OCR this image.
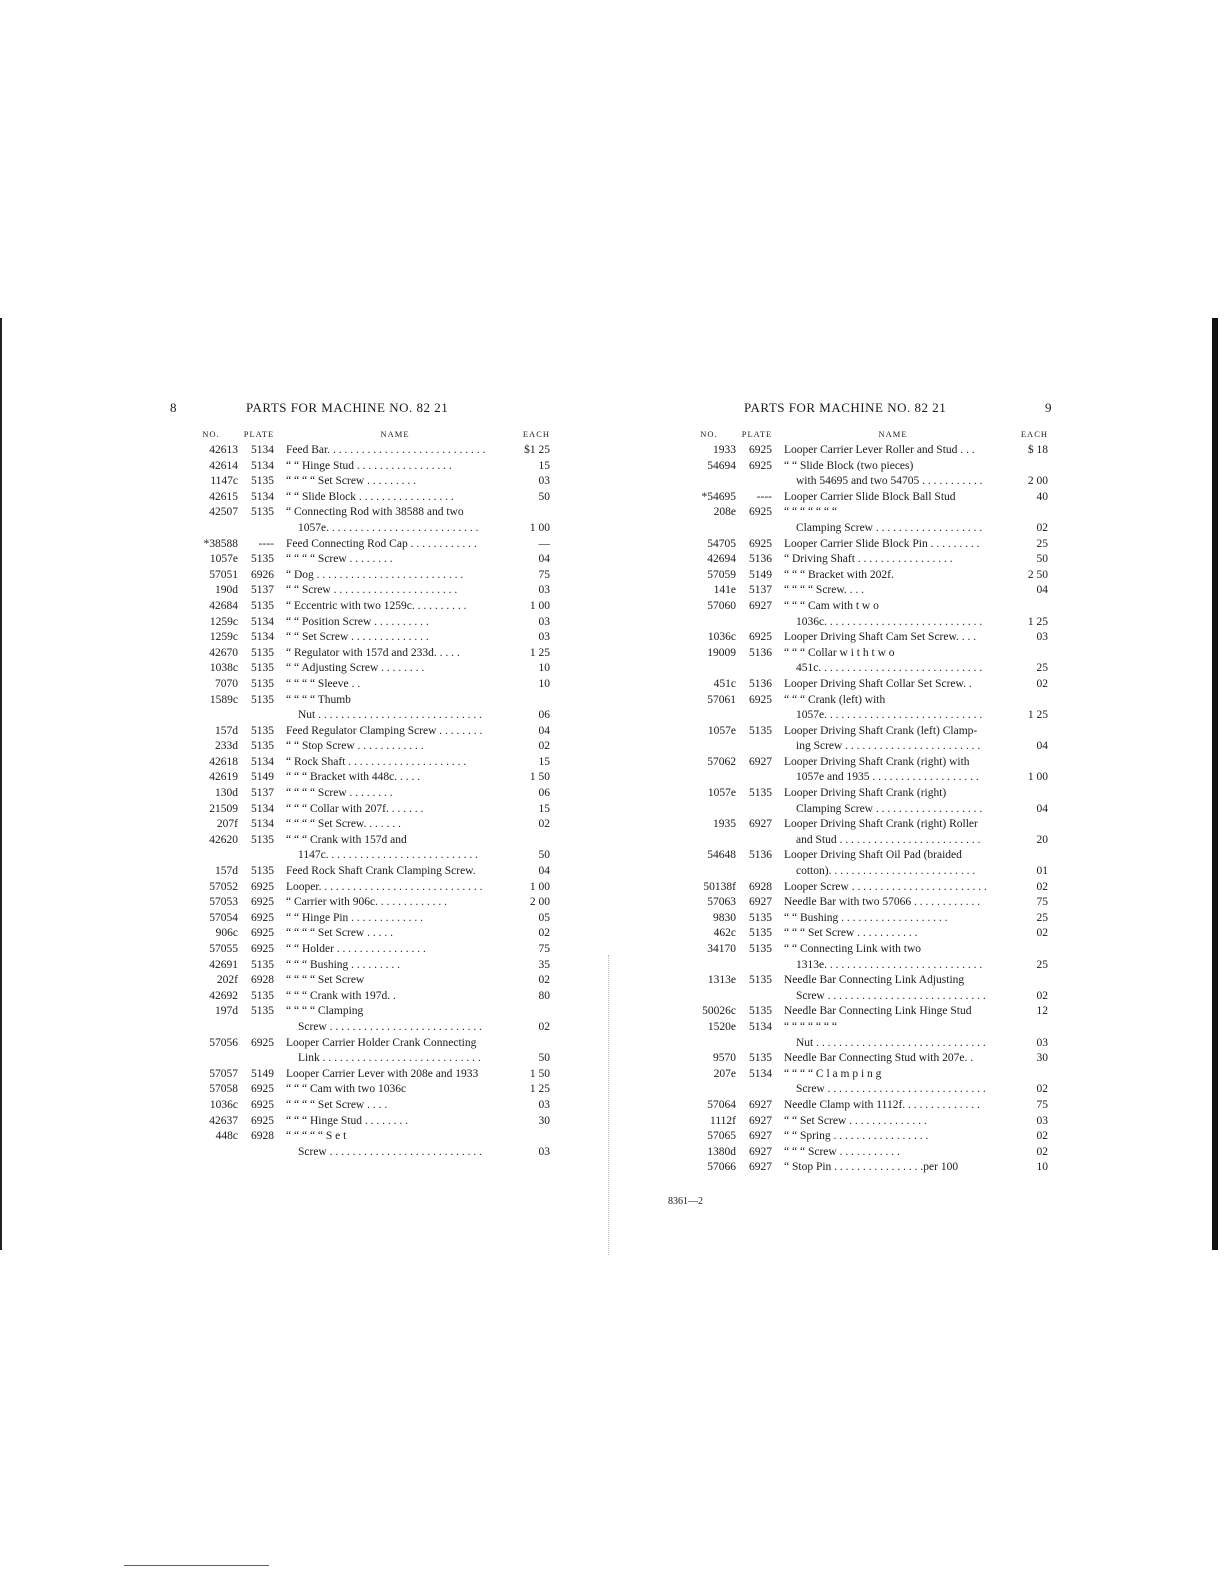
8	PARTS FOR MACHINE NO. 82 21
NO.	PLATE	NAME	EACH
42613	5134	Feed Bar. . . . . . . . . . . . . . . . . . . . . . . . . . . .	$1 25
42614	5134	“ “ Hinge Stud . . . . . . . . . . . . . . . . .	15
1147c	5135	“ “ “ “ Set Screw . . . . . . . . .	03
42615	5134	“ “ Slide Block . . . . . . . . . . . . . . . . .	50
42507	5135	“ Connecting Rod with 38588 and two	
		1057e. . . . . . . . . . . . . . . . . . . . . . . . . . .	1 00
*38588	----	Feed Connecting Rod Cap . . . . . . . . . . . .	—
1057e	5135	“ “ “ “ Screw . . . . . . . .	04
57051	6926	“ Dog . . . . . . . . . . . . . . . . . . . . . . . . . .	75
190d	5137	“ “ Screw . . . . . . . . . . . . . . . . . . . . . .	03
42684	5135	“ Eccentric with two 1259c. . . . . . . . . .	1 00
1259c	5134	“ “ Position Screw . . . . . . . . . .	03
1259c	5134	“ “ Set Screw . . . . . . . . . . . . . .	03
42670	5135	“ Regulator with 157d and 233d. . . . .	1 25
1038c	5135	“ “ Adjusting Screw . . . . . . . .	10
7070	5135	“ “ “ “ Sleeve . .	10
1589c	5135	“ “ “ “ Thumb	
		Nut . . . . . . . . . . . . . . . . . . . . . . . . . . . . .	06
157d	5135	Feed Regulator Clamping Screw . . . . . . . .	04
233d	5135	“ “ Stop Screw . . . . . . . . . . . .	02
42618	5134	“ Rock Shaft . . . . . . . . . . . . . . . . . . . . .	15
42619	5149	“ “ “ Bracket with 448c. . . . .	1 50
130d	5137	“ “ “ “ Screw . . . . . . . .	06
21509	5134	“ “ “ Collar with 207f. . . . . . .	15
207f	5134	“ “ “ “ Set Screw. . . . . . .	02
42620	5135	“ “ “ Crank with 157d and	
		1147c. . . . . . . . . . . . . . . . . . . . . . . . . . .	50
157d	5135	Feed Rock Shaft Crank Clamping Screw.	04
57052	6925	Looper. . . . . . . . . . . . . . . . . . . . . . . . . . . . .	1 00
57053	6925	“ Carrier with 906c. . . . . . . . . . . . .	2 00
57054	6925	“ “ Hinge Pin . . . . . . . . . . . . .	05
906c	6925	“ “ “ “ Set Screw . . . . .	02
57055	6925	“ “ Holder . . . . . . . . . . . . . . . .	75
42691	5135	“ “ “ Bushing . . . . . . . . .	35
202f	6928	“ “ “ “ Set Screw	02
42692	5135	“ “ “ Crank with 197d. .	80
197d	5135	“ “ “ “ Clamping	
		Screw . . . . . . . . . . . . . . . . . . . . . . . . . . .	02
57056	6925	Looper Carrier Holder Crank Connecting	
		Link . . . . . . . . . . . . . . . . . . . . . . . . . . . .	50
57057	5149	Looper Carrier Lever with 208e and 1933	1 50
57058	6925	“ “ “ Cam with two 1036c	1 25
1036c	6925	“ “ “ “ Set Screw . . . .	03
42637	6925	“ “ “ Hinge Stud . . . . . . . .	30
448c	6928	“ “ “ “ “ S e t	
		Screw . . . . . . . . . . . . . . . . . . . . . . . . . . .	03
PARTS FOR MACHINE NO. 82 21	9
NO.	PLATE	NAME	EACH
1933	6925	Looper Carrier Lever Roller and Stud . . .	$ 18
54694	6925	“ “ Slide Block (two pieces)	
		with 54695 and two 54705 . . . . . . . . . . .	2 00
*54695	----	Looper Carrier Slide Block Ball Stud	40
208e	6925	“ “ “ “ “ “ “	
		Clamping Screw . . . . . . . . . . . . . . . . . . .	02
54705	6925	Looper Carrier Slide Block Pin . . . . . . . . .	25
42694	5136	“ Driving Shaft . . . . . . . . . . . . . . . . .	50
57059	5149	“ “ “ Bracket with 202f.	2 50
141e	5137	“ “ “ “ Screw. . . .	04
57060	6927	“ “ “ Cam with t w o	
		1036c. . . . . . . . . . . . . . . . . . . . . . . . . . . .	1 25
1036c	6925	Looper Driving Shaft Cam Set Screw. . . .	03
19009	5136	“ “ “ Collar w i t h t w o	
		451c. . . . . . . . . . . . . . . . . . . . . . . . . . . . .	25
451c	5136	Looper Driving Shaft Collar Set Screw. .	02
57061	6925	“ “ “ Crank (left) with	
		1057e. . . . . . . . . . . . . . . . . . . . . . . . . . . .	1 25
1057e	5135	Looper Driving Shaft Crank (left) Clamp-	
		ing Screw . . . . . . . . . . . . . . . . . . . . . . . .	04
57062	6927	Looper Driving Shaft Crank (right) with	
		1057e and 1935 . . . . . . . . . . . . . . . . . . .	1 00
1057e	5135	Looper Driving Shaft Crank (right)	
		Clamping Screw . . . . . . . . . . . . . . . . . . .	04
1935	6927	Looper Driving Shaft Crank (right) Roller	
		and Stud . . . . . . . . . . . . . . . . . . . . . . . . .	20
54648	5136	Looper Driving Shaft Oil Pad (braided	
		cotton). . . . . . . . . . . . . . . . . . . . . . . . . .	01
50138f	6928	Looper Screw . . . . . . . . . . . . . . . . . . . . . . . .	02
57063	6927	Needle Bar with two 57066 . . . . . . . . . . . .	75
9830	5135	“ “ Bushing . . . . . . . . . . . . . . . . . . .	25
462c	5135	“ “ “ Set Screw . . . . . . . . . . .	02
34170	5135	“ “ Connecting Link with two	
		1313e. . . . . . . . . . . . . . . . . . . . . . . . . . . .	25
1313e	5135	Needle Bar Connecting Link Adjusting	
		Screw . . . . . . . . . . . . . . . . . . . . . . . . . . . .	02
50026c	5135	Needle Bar Connecting Link Hinge Stud	12
1520e	5134	“ “ “ “ “ “ “	
		Nut . . . . . . . . . . . . . . . . . . . . . . . . . . . . . .	03
9570	5135	Needle Bar Connecting Stud with 207e. .	30
207e	5134	“ “ “ “ C l a m p i n g	
		Screw . . . . . . . . . . . . . . . . . . . . . . . . . . . .	02
57064	6927	Needle Clamp with 1112f. . . . . . . . . . . . . .	75
1112f	6927	“ “ Set Screw . . . . . . . . . . . . . .	03
57065	6927	“ “ Spring . . . . . . . . . . . . . . . . .	02
1380d	6927	“ “ “ Screw . . . . . . . . . . .	02
57066	6927	“ Stop Pin . . . . . . . . . . . . . . . .per 100	10
8361—2
